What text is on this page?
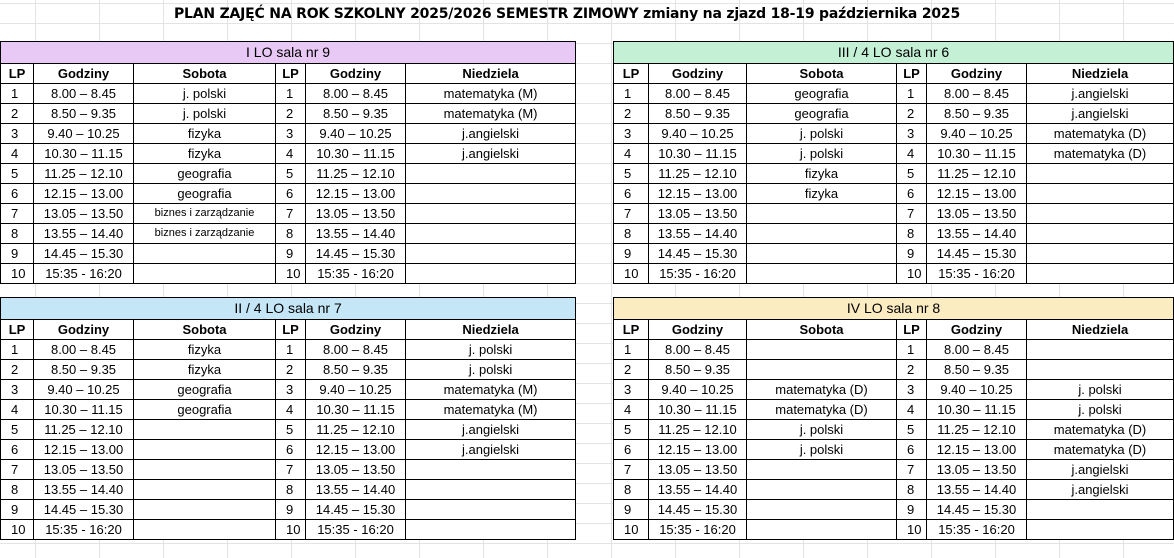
PLAN ZAJĘĆ NA ROK SZKOLNY 2025/2026 SEMESTR ZIMOWY zmiany na zjazd 18-19 października 2025
I LO sala nr 9					
LP	Godziny	Sobota	LP	Godziny	Niedziela
1	8.00 – 8.45	j. polski	1	8.00 – 8.45	matematyka (M)
2	8.50 – 9.35	j. polski	2	8.50 – 9.35	matematyka (M)
3	9.40 – 10.25	fizyka	3	9.40 – 10.25	j.angielski
4	10.30 – 11.15	fizyka	4	10.30 – 11.15	j.angielski
5	11.25 – 12.10	geografia	5	11.25 – 12.10	
6	12.15 – 13.00	geografia	6	12.15 – 13.00	
7	13.05 – 13.50	biznes i zarządzanie	7	13.05 – 13.50	
8	13.55 – 14.40	biznes i zarządzanie	8	13.55 – 14.40	
9	14.45 – 15.30		9	14.45 – 15.30	
10	15:35 - 16:20		10	15:35 - 16:20	
III / 4 LO sala nr 6					
LP	Godziny	Sobota	LP	Godziny	Niedziela
1	8.00 – 8.45	geografia	1	8.00 – 8.45	j.angielski
2	8.50 – 9.35	geografia	2	8.50 – 9.35	j.angielski
3	9.40 – 10.25	j. polski	3	9.40 – 10.25	matematyka (D)
4	10.30 – 11.15	j. polski	4	10.30 – 11.15	matematyka (D)
5	11.25 – 12.10	fizyka	5	11.25 – 12.10	
6	12.15 – 13.00	fizyka	6	12.15 – 13.00	
7	13.05 – 13.50		7	13.05 – 13.50	
8	13.55 – 14.40		8	13.55 – 14.40	
9	14.45 – 15.30		9	14.45 – 15.30	
10	15:35 - 16:20		10	15:35 - 16:20	
II / 4 LO sala nr 7					
LP	Godziny	Sobota	LP	Godziny	Niedziela
1	8.00 – 8.45	fizyka	1	8.00 – 8.45	j. polski
2	8.50 – 9.35	fizyka	2	8.50 – 9.35	j. polski
3	9.40 – 10.25	geografia	3	9.40 – 10.25	matematyka (M)
4	10.30 – 11.15	geografia	4	10.30 – 11.15	matematyka (M)
5	11.25 – 12.10		5	11.25 – 12.10	j.angielski
6	12.15 – 13.00		6	12.15 – 13.00	j.angielski
7	13.05 – 13.50		7	13.05 – 13.50	
8	13.55 – 14.40		8	13.55 – 14.40	
9	14.45 – 15.30		9	14.45 – 15.30	
10	15:35 - 16:20		10	15:35 - 16:20	
IV LO sala nr 8					
LP	Godziny	Sobota	LP	Godziny	Niedziela
1	8.00 – 8.45		1	8.00 – 8.45	
2	8.50 – 9.35		2	8.50 – 9.35	
3	9.40 – 10.25	matematyka (D)	3	9.40 – 10.25	j. polski
4	10.30 – 11.15	matematyka (D)	4	10.30 – 11.15	j. polski
5	11.25 – 12.10	j. polski	5	11.25 – 12.10	matematyka (D)
6	12.15 – 13.00	j. polski	6	12.15 – 13.00	matematyka (D)
7	13.05 – 13.50		7	13.05 – 13.50	j.angielski
8	13.55 – 14.40		8	13.55 – 14.40	j.angielski
9	14.45 – 15.30		9	14.45 – 15.30	
10	15:35 - 16:20		10	15:35 - 16:20	
